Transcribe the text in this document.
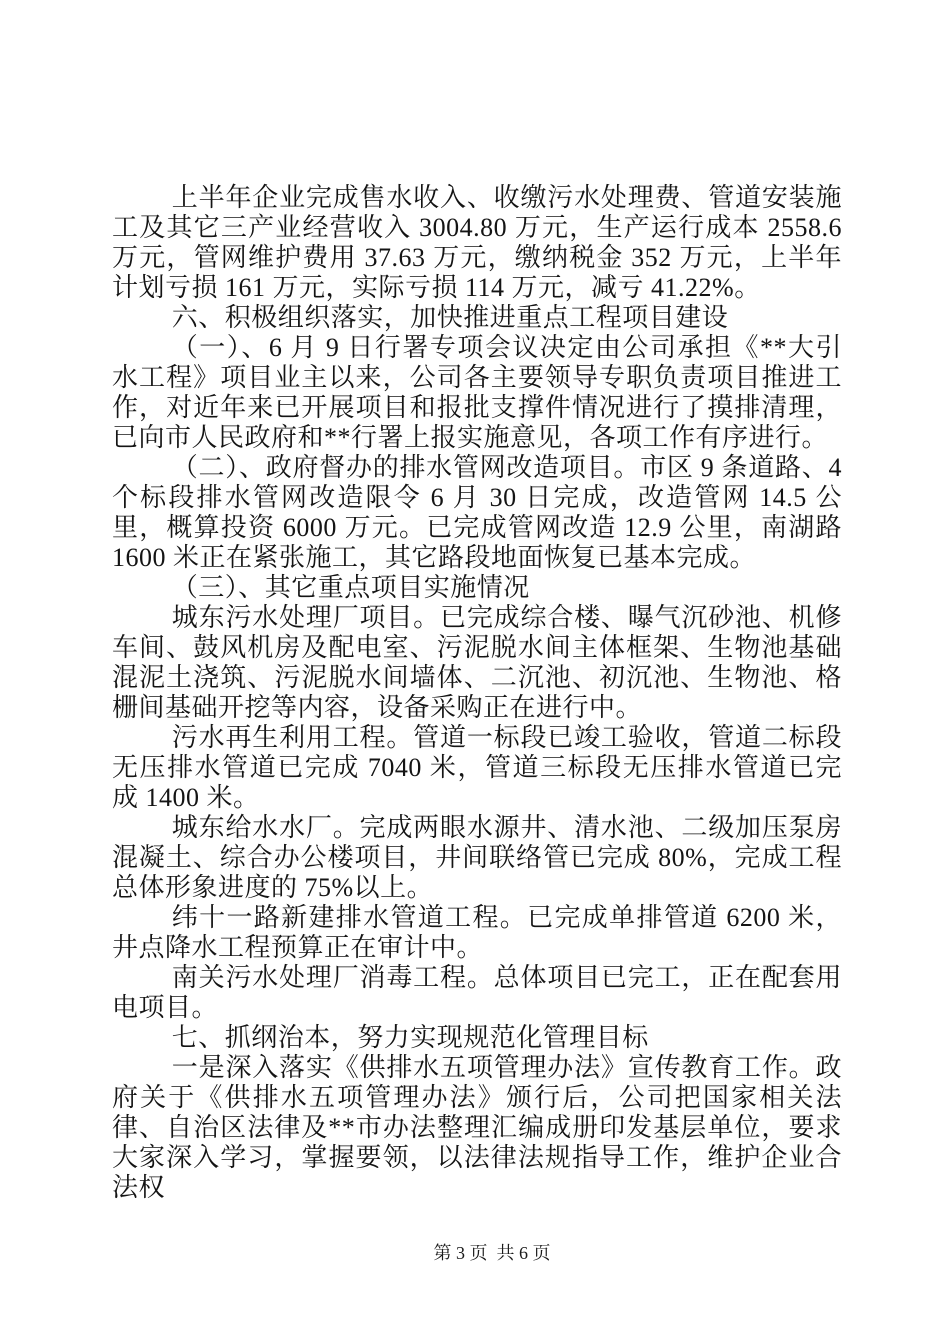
上半年企业完成售水收入、收缴污水处理费、管道安装施工及其它三产业经营收入 3004.80 万元，生产运行成本 2558.6 万元，管网维护费用 37.63 万元，缴纳税金 352 万元，上半年计划亏损 161 万元，实际亏损 114 万元，减亏 41.22%。

六、积极组织落实，加快推进重点工程项目建设

（一）、6 月 9 日行署专项会议决定由公司承担《**大引水工程》项目业主以来，公司各主要领导专职负责项目推进工作，对近年来已开展项目和报批支撑件情况进行了摸排清理，已向市人民政府和**行署上报实施意见，各项工作有序进行。

（二）、政府督办的排水管网改造项目。市区 9 条道路、4 个标段排水管网改造限令 6 月 30 日完成，改造管网 14.5 公里，概算投资 6000 万元。已完成管网改造 12.9 公里，南湖路 1600 米正在紧张施工，其它路段地面恢复已基本完成。

（三）、其它重点项目实施情况

城东污水处理厂项目。已完成综合楼、曝气沉砂池、机修车间、鼓风机房及配电室、污泥脱水间主体框架、生物池基础混泥土浇筑、污泥脱水间墙体、二沉池、初沉池、生物池、格栅间基础开挖等内容，设备采购正在进行中。

污水再生利用工程。管道一标段已竣工验收，管道二标段无压排水管道已完成 7040 米，管道三标段无压排水管道已完成 1400 米。

城东给水水厂。完成两眼水源井、清水池、二级加压泵房混凝土、综合办公楼项目，井间联络管已完成 80%，完成工程总体形象进度的 75%以上。

纬十一路新建排水管道工程。已完成单排管道 6200 米，井点降水工程预算正在审计中。

南关污水处理厂消毒工程。总体项目已完工，正在配套用电项目。

七、抓纲治本，努力实现规范化管理目标

一是深入落实《供排水五项管理办法》宣传教育工作。政府关于《供排水五项管理办法》颁行后，公司把国家相关法律、自治区法律及**市办法整理汇编成册印发基层单位，要求大家深入学习，掌握要领，以法律法规指导工作，维护企业合法权

第 3 页  共 6 页
